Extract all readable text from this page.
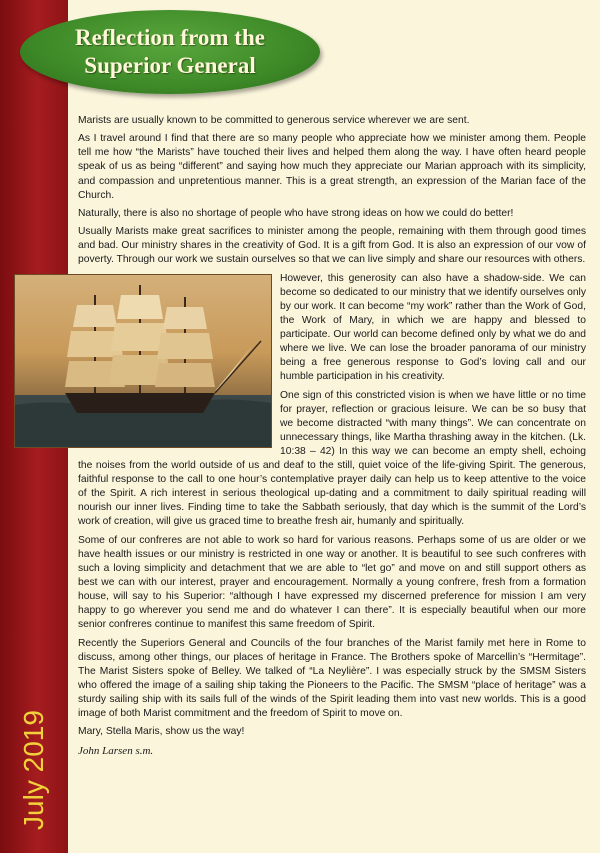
July 2019
Reflection from the
Superior General

Marists are usually known to be committed to generous service wherever we are sent.

As I travel around I find that there are so many people who appreciate how we minister among them. People tell me how “the Marists” have touched their lives and helped them along the way. I have often heard people speak of us as being “different” and saying how much they appreciate our Marian approach with its simplicity, and compassion and unpretentious manner. This is a great strength, an expression of the Marian face of the Church.

Naturally, there is also no shortage of people who have strong ideas on how we could do better!

Usually Marists make great sacrifices to minister among the people, remaining with them through good times and bad. Our ministry shares in the creativity of God. It is a gift from God. It is also an expression of our vow of poverty. Through our work we sustain ourselves so that we can live simply and share our resources with others.

However, this generosity can also have a shadow-side. We can become so dedicated to our ministry that we identify ourselves only by our work. It can become “my work” rather than the Work of God, the Work of Mary, in which we are happy and blessed to participate. Our world can become defined only by what we do and where we live. We can lose the broader panorama of our ministry being a free generous response to God’s loving call and our humble participation in his creativity.

One sign of this constricted vision is when we have little or no time for prayer, reflection or gracious leisure. We can be so busy that we become distracted “with many things”. We can concentrate on unnecessary things, like Martha thrashing away in the kitchen. (Lk. 10:38 – 42) In this way we can become an empty shell, echoing the noises from the world outside of us and deaf to the still, quiet voice of the life-giving Spirit. The generous, faithful response to the call to one hour’s contemplative prayer daily can help us to keep attentive to the voice of the Spirit. A rich interest in serious theological up-dating and a commitment to daily spiritual reading will nourish our inner lives. Finding time to take the Sabbath seriously, that day which is the summit of the Lord’s work of creation, will give us graced time to breathe fresh air, humanly and spiritually.

Some of our confreres are not able to work so hard for various reasons. Perhaps some of us are older or we have health issues or our ministry is restricted in one way or another. It is beautiful to see such confreres with such a loving simplicity and detachment that we are able to “let go” and move on and still support others as best we can with our interest, prayer and encouragement. Normally a young confrere, fresh from a formation house, will say to his Superior: “although I have expressed my discerned preference for mission I am very happy to go wherever you send me and do whatever I can there”. It is especially beautiful when our more senior confreres continue to manifest this same freedom of Spirit.

Recently the Superiors General and Councils of the four branches of the Marist family met here in Rome to discuss, among other things, our places of heritage in France. The Brothers spoke of Marcellin’s “Hermitage”. The Marist Sisters spoke of Belley. We talked of “La Neylière”. I was especially struck by the SMSM Sisters who offered the image of a sailing ship taking the Pioneers to the Pacific. The SMSM “place of heritage” was a sturdy sailing ship with its sails full of the winds of the Spirit leading them into vast new worlds. This is a good image of both Marist commitment and the freedom of Spirit to move on.

Mary, Stella Maris, show us the way!

John Larsen s.m.
